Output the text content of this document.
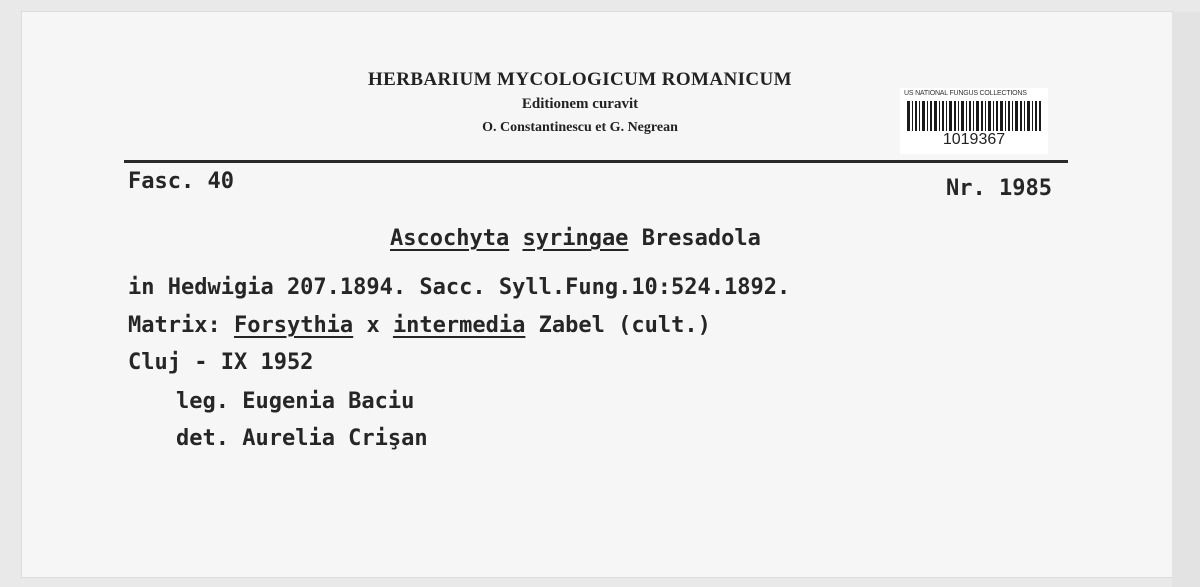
HERBARIUM MYCOLOGICUM ROMANICUM
Editionem curavit
O. Constantinescu et G. Negrean
US NATIONAL FUNGUS COLLECTIONS
1019367
Fasc. 40	Nr. 1985
Ascochyta syringae Bresadola
in Hedwigia 207.1894. Sacc. Syll.Fung.10:524.1892.
Matrix: Forsythia x intermedia Zabel (cult.)
Cluj - IX 1952
leg. Eugenia Baciu
det. Aurelia Crişan
